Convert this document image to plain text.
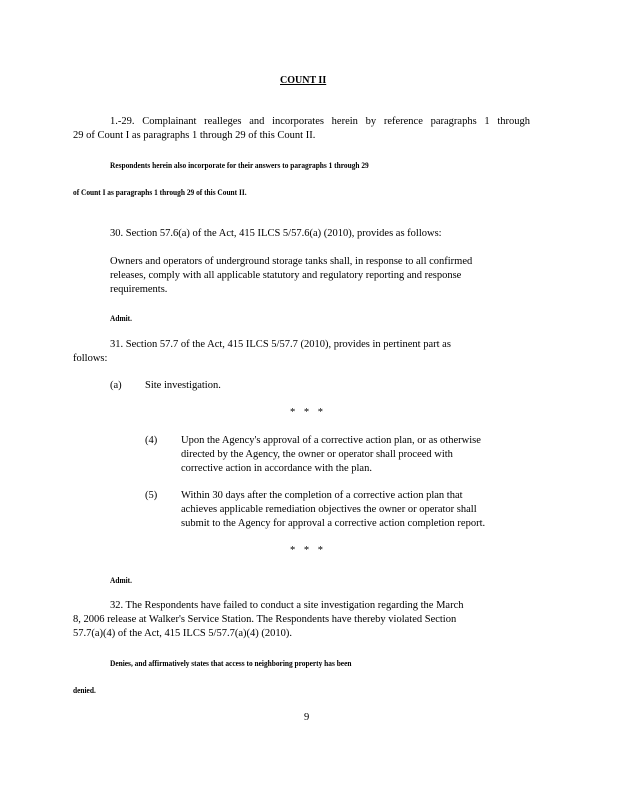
COUNT II
1.-29. Complainant realleges and incorporates herein by reference paragraphs 1 through
29 of Count I as paragraphs 1 through 29 of this Count II.
Respondents herein also incorporate for their answers to paragraphs 1 through 29
of Count I as paragraphs 1 through 29 of this Count II.
30. Section 57.6(a) of the Act, 415 ILCS 5/57.6(a) (2010), provides as follows:
Owners and operators of underground storage tanks shall, in response to all confirmed
releases, comply with all applicable statutory and regulatory reporting and response
requirements.
Admit.
31. Section 57.7 of the Act, 415 ILCS 5/57.7 (2010), provides in pertinent part as
follows:
(a) Site investigation.
* * *
(4) Upon the Agency's approval of a corrective action plan, or as otherwise
directed by the Agency, the owner or operator shall proceed with
corrective action in accordance with the plan.
(5) Within 30 days after the completion of a corrective action plan that
achieves applicable remediation objectives the owner or operator shall
submit to the Agency for approval a corrective action completion report.
* * *
Admit.
32. The Respondents have failed to conduct a site investigation regarding the March
8, 2006 release at Walker's Service Station. The Respondents have thereby violated Section
57.7(a)(4) of the Act, 415 ILCS 5/57.7(a)(4) (2010).
Denies, and affirmatively states that access to neighboring property has been
denied.
9
